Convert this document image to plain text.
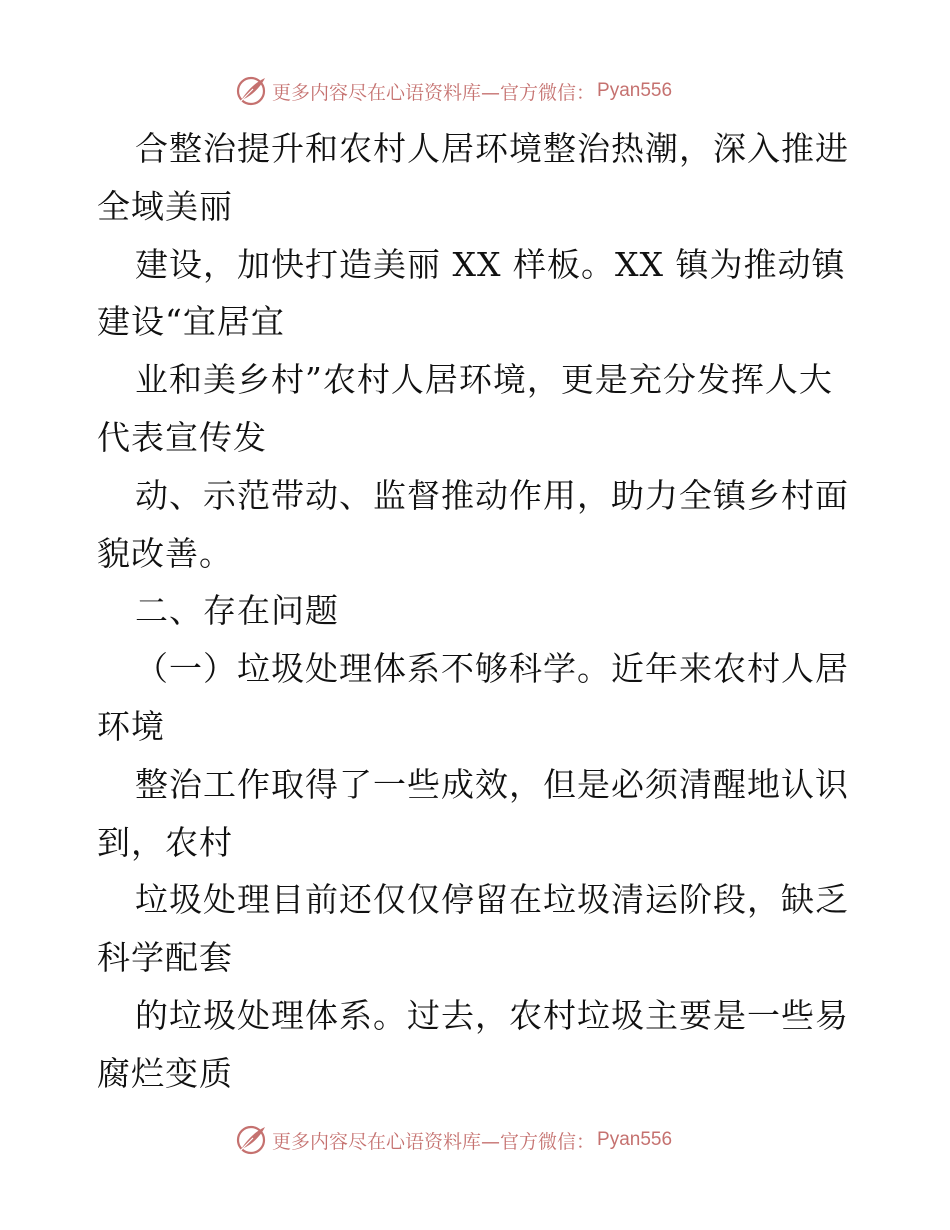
更多内容尽在心语资料库—官方微信： Pyan556
合整治提升和农村人居环境整治热潮，深入推进
全域美丽
建设，加快打造美丽 XX 样板。XX 镇为推动镇
建设“宜居宜
业和美乡村”农村人居环境，更是充分发挥人大
代表宣传发
动、示范带动、监督推动作用，助力全镇乡村面
貌改善。
二、存在问题
（一）垃圾处理体系不够科学。近年来农村人居
环境
整治工作取得了一些成效，但是必须清醒地认识
到，农村
垃圾处理目前还仅仅停留在垃圾清运阶段，缺乏
科学配套
的垃圾处理体系。过去，农村垃圾主要是一些易
腐烂变质
更多内容尽在心语资料库—官方微信： Pyan556
